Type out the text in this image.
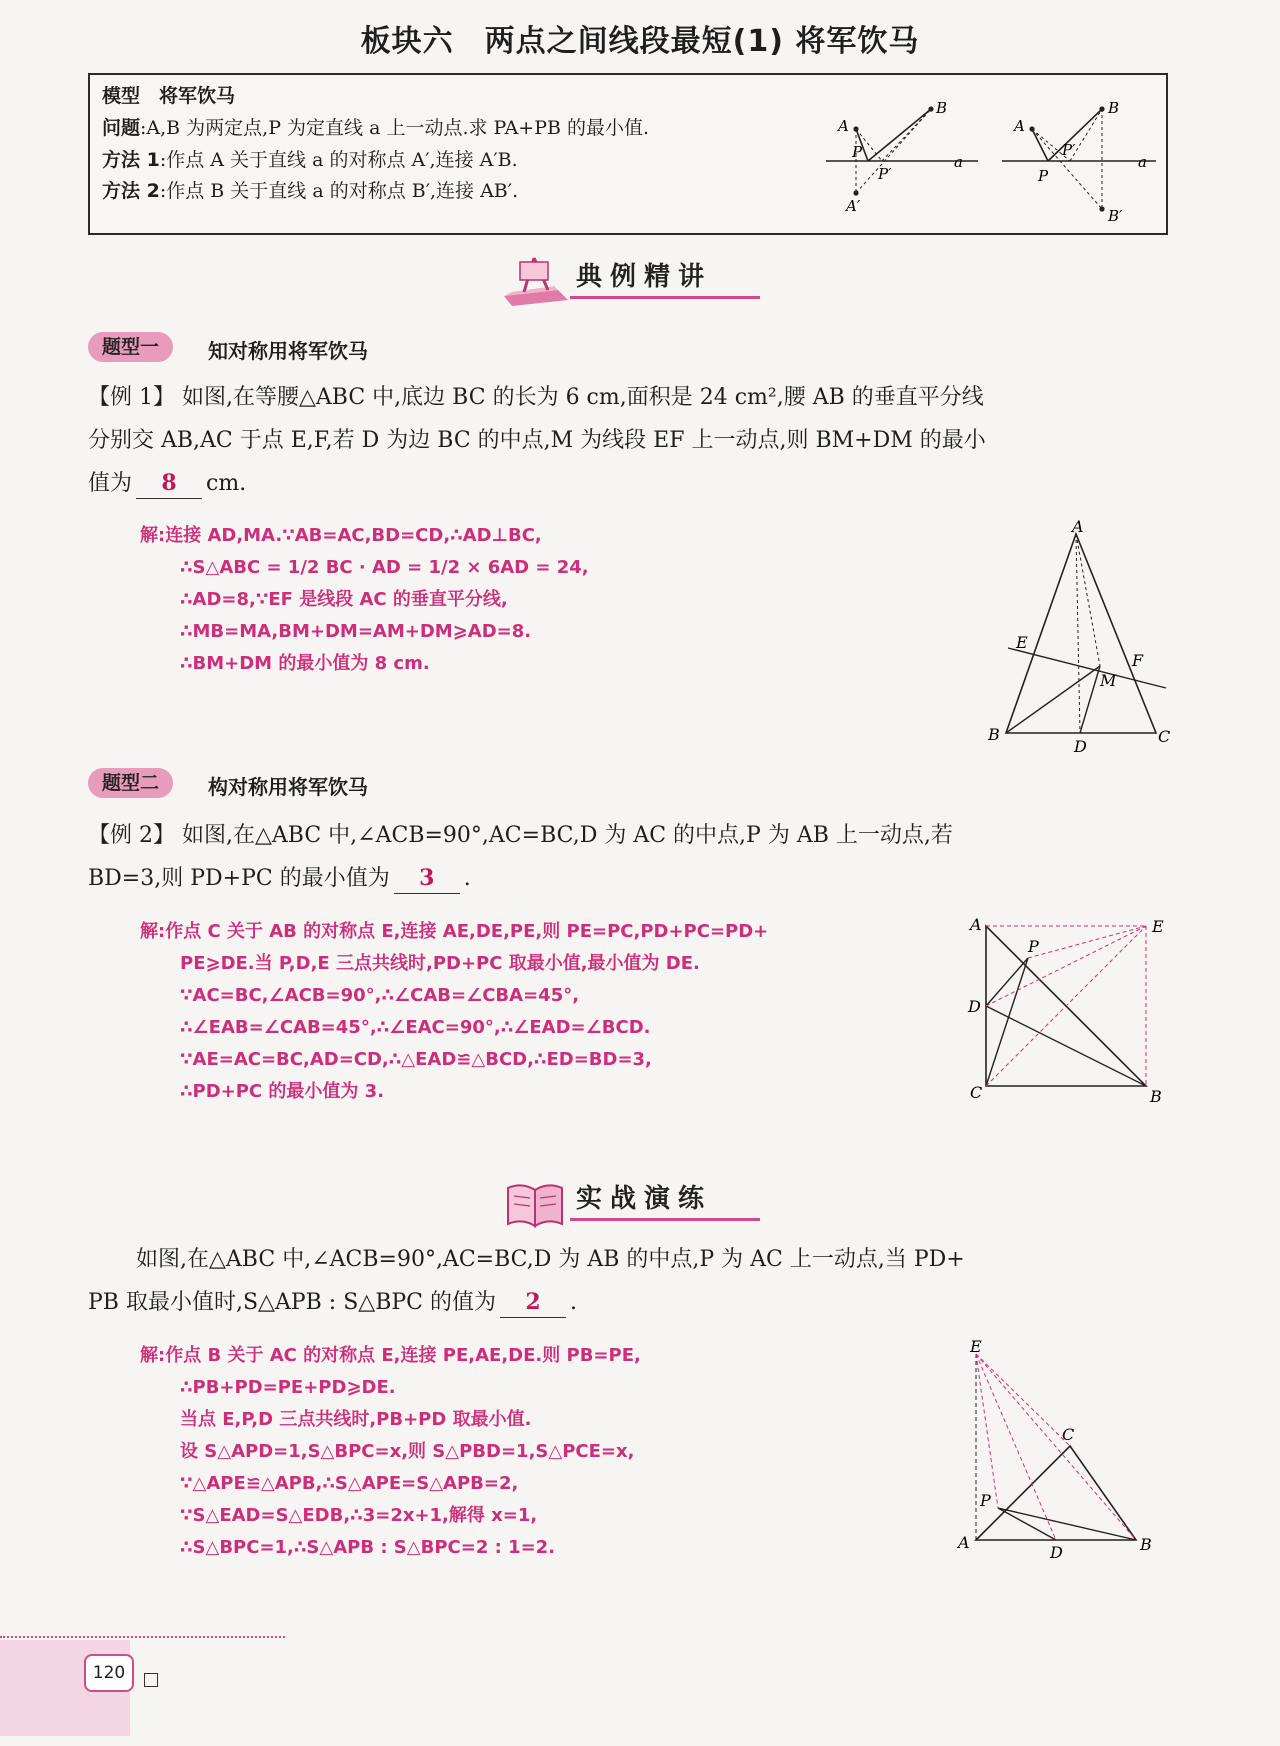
板块六　两点之间线段最短(1) 将军饮马
模型　将军饮马
问题:A,B 为两定点,P 为定直线 a 上一动点.求 PA+PB 的最小值.
方法 1:作点 A 关于直线 a 的对称点 A′,连接 A′B.
方法 2:作点 B 关于直线 a 的对称点 B′,连接 AB′.
A
B
P
P′
a
A′
A
B
P
P′
a
B′
典例精讲
题型一	知对称用将军饮马
【例 1】 如图,在等腰△ABC 中,底边 BC 的长为 6 cm,面积是 24 cm²,腰 AB 的垂直平分线
分别交 AB,AC 于点 E,F,若 D 为边 BC 的中点,M 为线段 EF 上一动点,则 BM+DM 的最小
值为 8 cm.
解:连接 AD,MA.∵AB=AC,BD=CD,∴AD⊥BC,
∴S△ABC = 1/2 BC · AD = 1/2 × 6AD = 24,
∴AD=8,∵EF 是线段 AC 的垂直平分线,
∴MB=MA,BM+DM=AM+DM⩾AD=8.
∴BM+DM 的最小值为 8 cm.
A
B	C
D
E
F
M
题型二	构对称用将军饮马
【例 2】 如图,在△ABC 中,∠ACB=90°,AC=BC,D 为 AC 的中点,P 为 AB 上一动点,若
BD=3,则 PD+PC 的最小值为 3 .
解:作点 C 关于 AB 的对称点 E,连接 AE,DE,PE,则 PE=PC,PD+PC=PD+
PE⩾DE.当 P,D,E 三点共线时,PD+PC 取最小值,最小值为 DE.
∵AC=BC,∠ACB=90°,∴∠CAB=∠CBA=45°,
∴∠EAB=∠CAB=45°,∴∠EAC=90°,∴∠EAD=∠BCD.
∵AE=AC=BC,AD=CD,∴△EAD≌△BCD,∴ED=BD=3,
∴PD+PC 的最小值为 3.
A
B
C
D
E
P
实战演练
如图,在△ABC 中,∠ACB=90°,AC=BC,D 为 AB 的中点,P 为 AC 上一动点,当 PD+
PB 取最小值时,S△APB : S△BPC 的值为 2 .
解:作点 B 关于 AC 的对称点 E,连接 PE,AE,DE.则 PB=PE,
∴PB+PD=PE+PD⩾DE.
当点 E,P,D 三点共线时,PB+PD 取最小值.
设 S△APD=1,S△BPC=x,则 S△PBD=1,S△PCE=x,
∵△APE≌△APB,∴S△APE=S△APB=2,
∵S△EAD=S△EDB,∴3=2x+1,解得 x=1,
∴S△BPC=1,∴S△APB : S△BPC=2 : 1=2.	A	B
C
D
E
P
120
